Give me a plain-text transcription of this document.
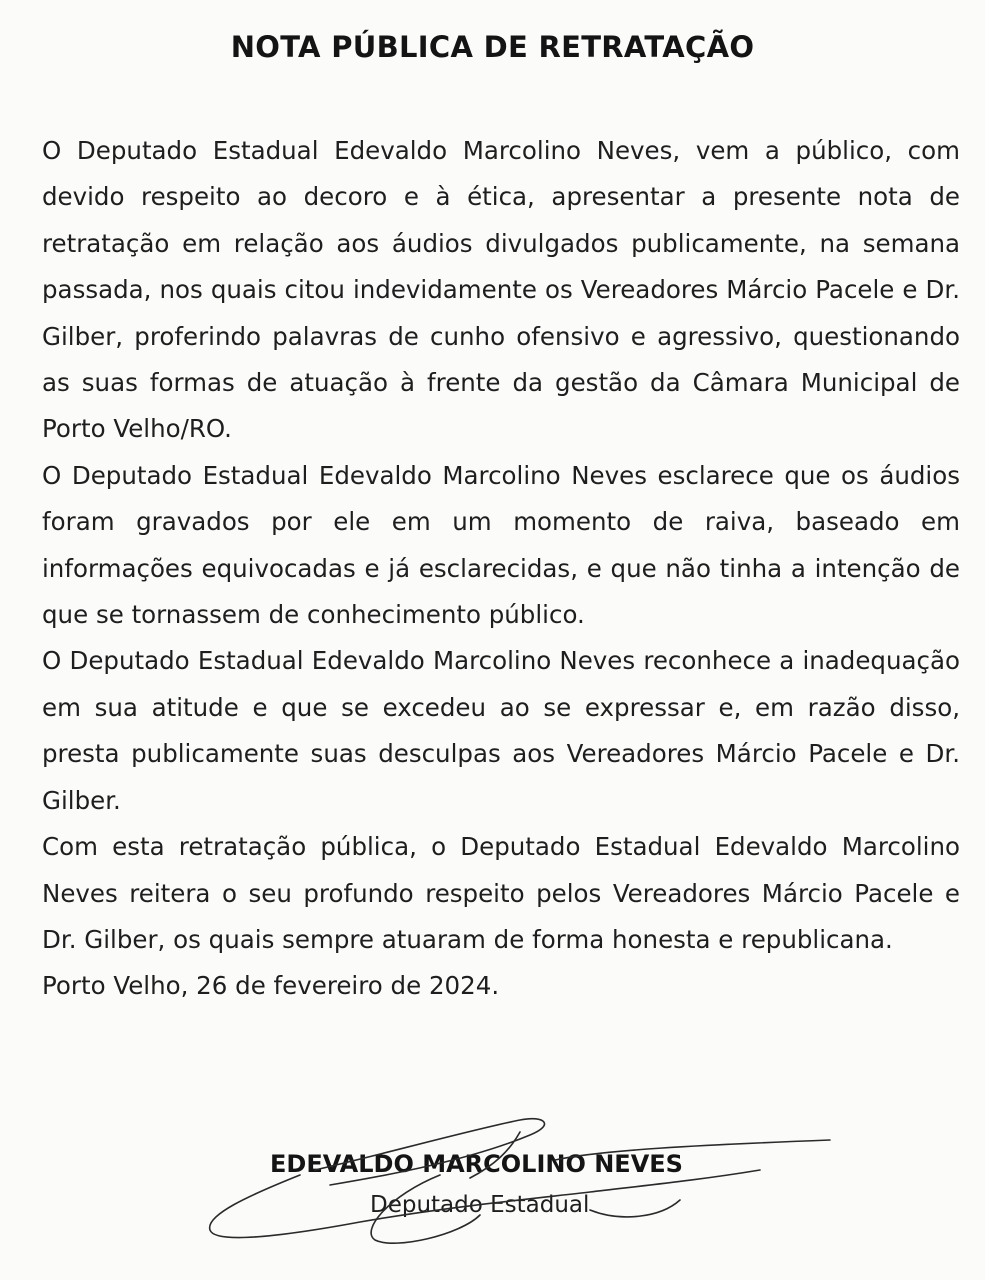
NOTA PÚBLICA DE RETRATAÇÃO

O Deputado Estadual Edevaldo Marcolino Neves, vem a público, com devido respeito ao decoro e à ética, apresentar a presente nota de retratação em relação aos áudios divulgados publicamente, na semana passada, nos quais citou indevidamente os Vereadores Márcio Pacele e Dr. Gilber, proferindo palavras de cunho ofensivo e agressivo, questionando as suas formas de atuação à frente da gestão da Câmara Municipal de Porto Velho/RO.

O Deputado Estadual Edevaldo Marcolino Neves esclarece que os áudios foram gravados por ele em um momento de raiva, baseado em informações equivocadas e já esclarecidas, e que não tinha a intenção de que se tornassem de conhecimento público.

O Deputado Estadual Edevaldo Marcolino Neves reconhece a inadequação em sua atitude e que se excedeu ao se expressar e, em razão disso, presta publicamente suas desculpas aos Vereadores Márcio Pacele e Dr. Gilber.

Com esta retratação pública, o Deputado Estadual Edevaldo Marcolino Neves reitera o seu profundo respeito pelos Vereadores Márcio Pacele e Dr. Gilber, os quais sempre atuaram de forma honesta e republicana.

Porto Velho, 26 de fevereiro de 2024.

EDEVALDO MARCOLINO NEVES
Deputado Estadual
